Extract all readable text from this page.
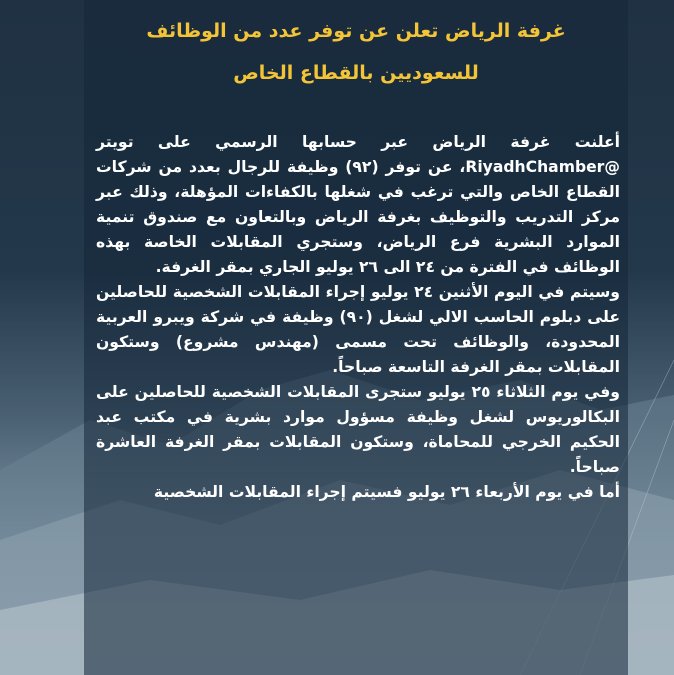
غرفة الرياض تعلن عن توفر عدد من الوظائف
للسعوديين بالقطاع الخاص

أعلنت غرفة الرياض عبر حسابها الرسمي على تويتر @RiyadhChamber، عن توفر (٩٢) وظيفة للرجال بعدد من شركات القطاع الخاص والتي ترغب في شغلها بالكفاءات المؤهلة، وذلك عبر مركز التدريب والتوظيف بغرفة الرياض وبالتعاون مع صندوق تنمية الموارد البشرية فرع الرياض، وستجري المقابلات الخاصة بهذه الوظائف في الفترة من ٢٤ الى ٢٦ يوليو الجاري بمقر الغرفة.

وسيتم في اليوم الأثنين ٢٤ يوليو إجراء المقابلات الشخصية للحاصلين على دبلوم الحاسب الالي لشغل (٩٠) وظيفة في شركة ويبرو العربية المحدودة، والوظائف تحت مسمى (مهندس مشروع) وستكون المقابلات بمقر الغرفة التاسعة صباحاً.

وفي يوم الثلاثاء ٢٥ يوليو ستجرى المقابلات الشخصية للحاصلين على البكالوريوس لشغل وظيفة مسؤول موارد بشرية في مكتب عبد الحكيم الخرجي للمحاماة، وستكون المقابلات بمقر الغرفة العاشرة صباحاً.

أما في يوم الأربعاء ٢٦ يوليو فسيتم إجراء المقابلات الشخصية
